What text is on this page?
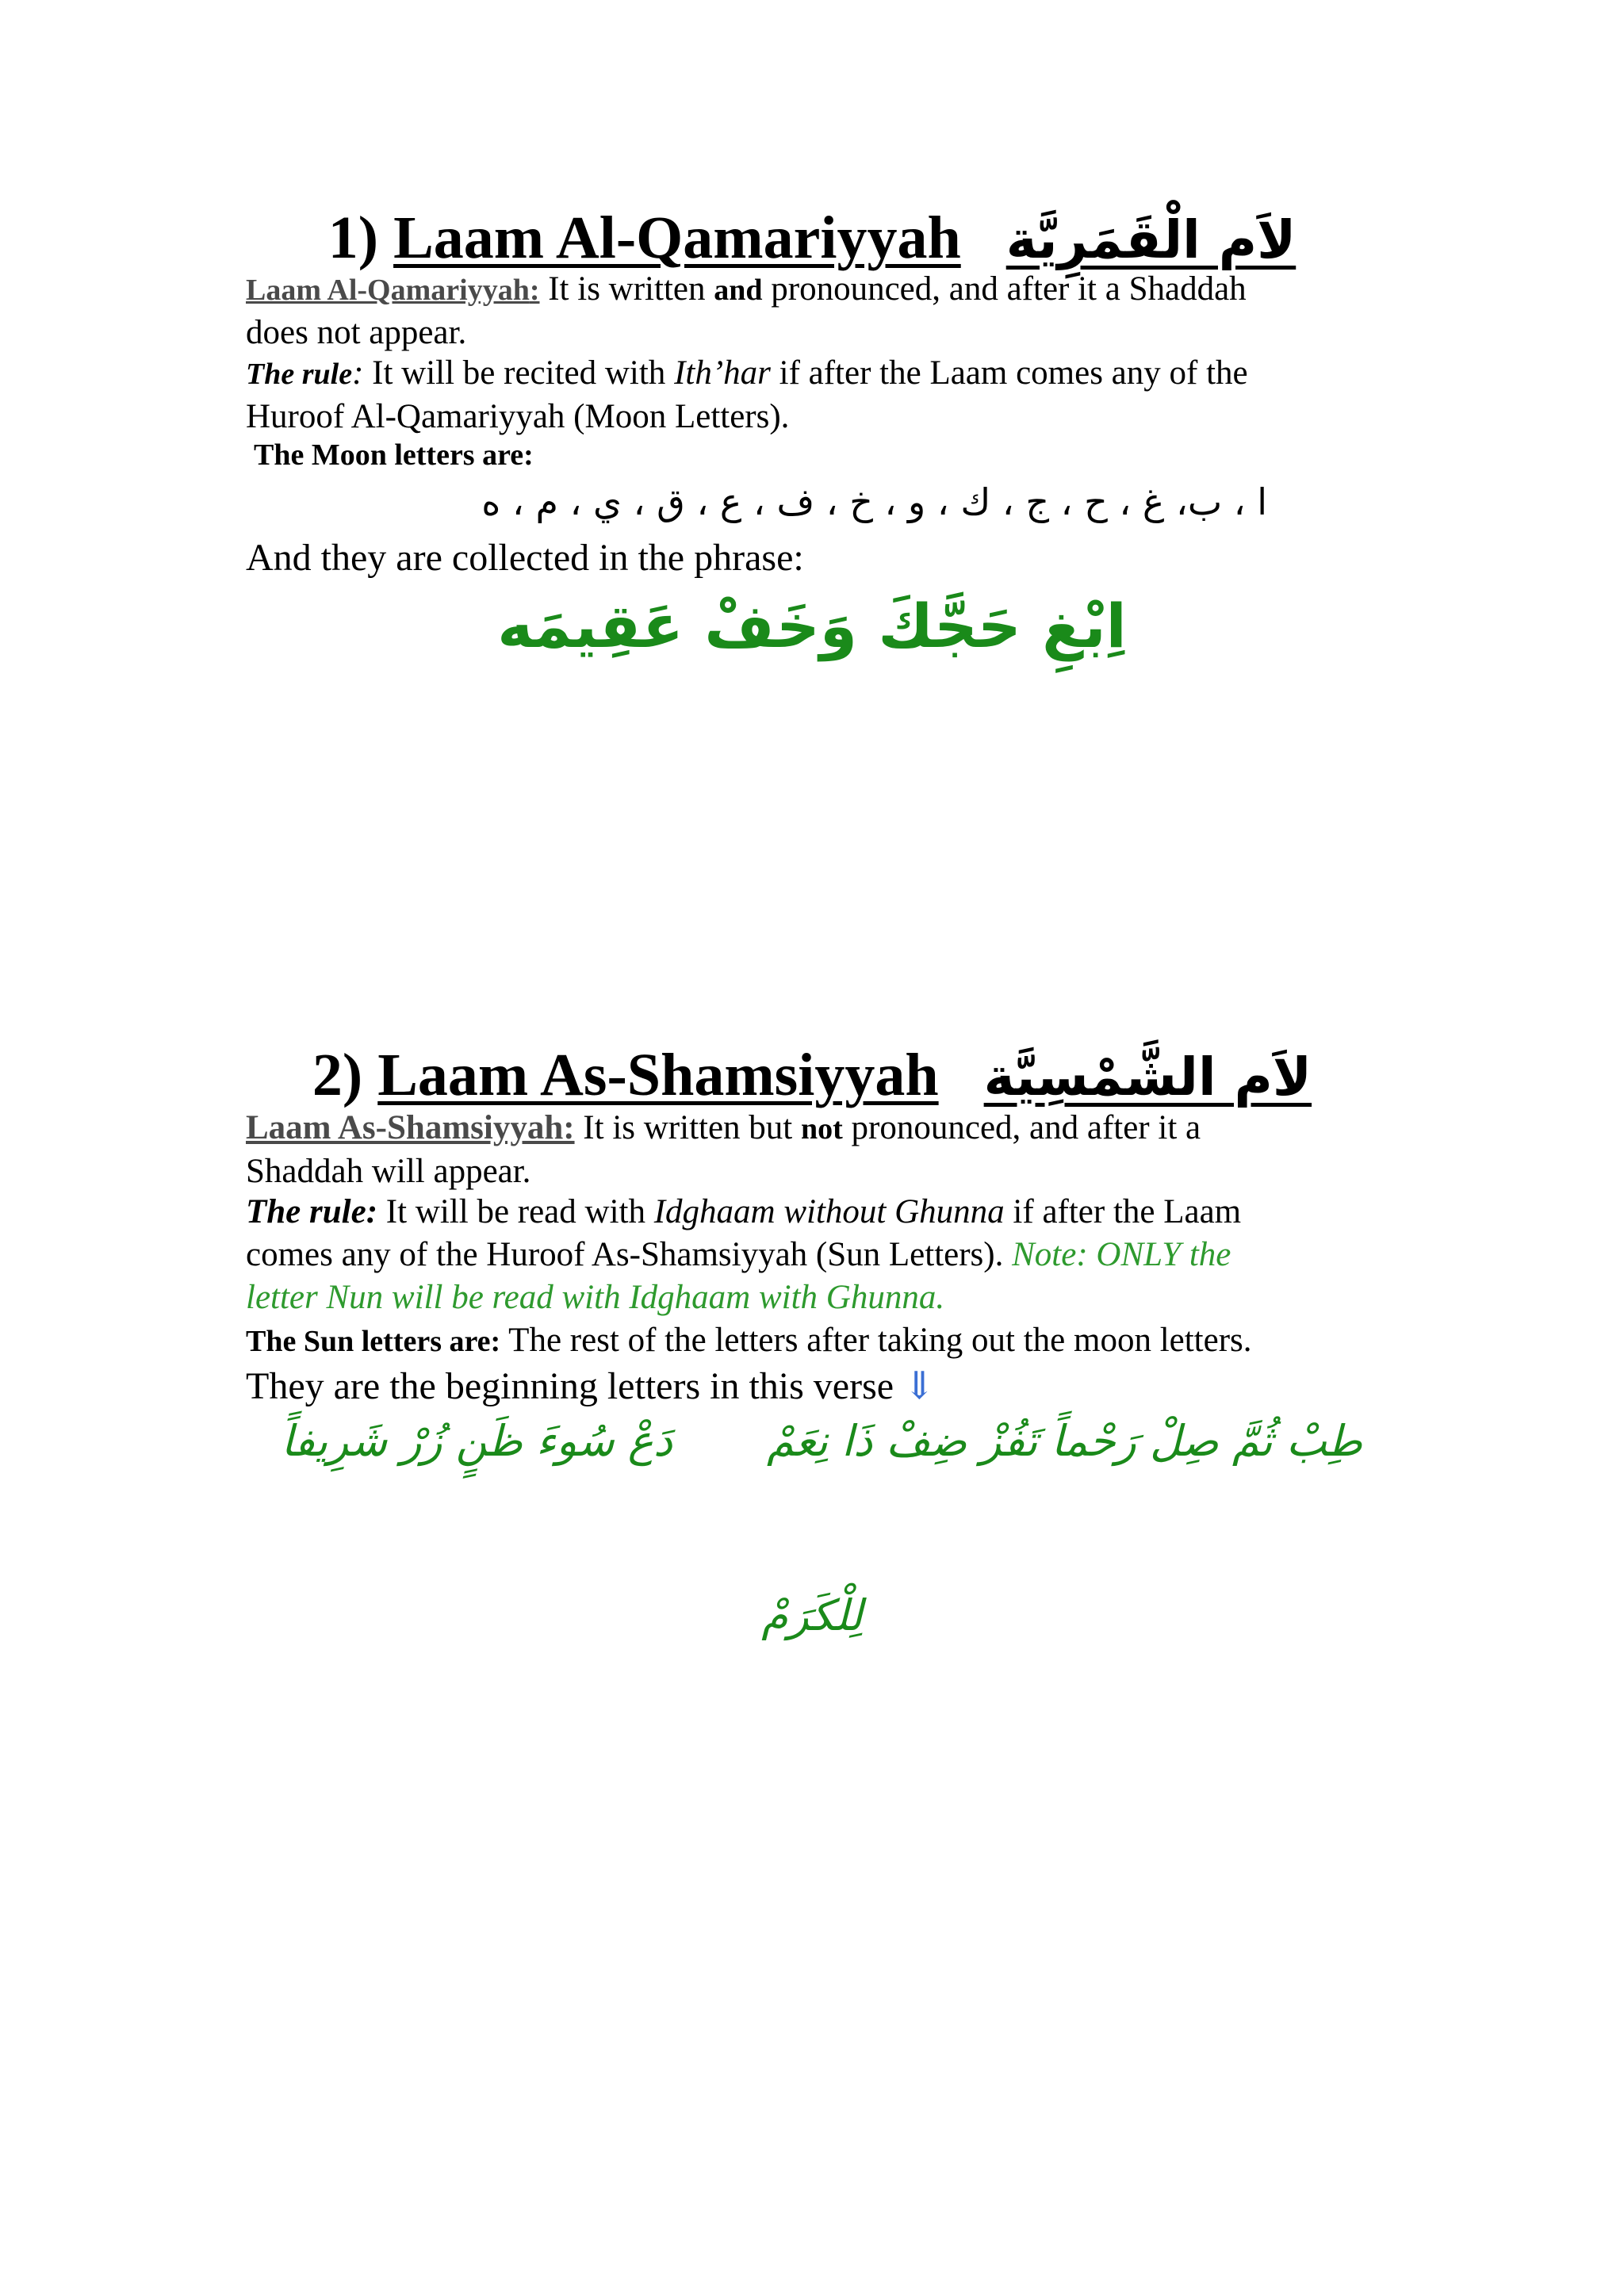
1) Laam Al-Qamariyyah لاَم الْقَمَرِيَّة
Laam Al-Qamariyyah: It is written and pronounced, and after it a Shaddah
does not appear.
The rule: It will be recited with Ith’har if after the Laam comes any of the
Huroof Al-Qamariyyah (Moon Letters).
The Moon letters are:
ا ، ب، غ ، ح ، ج ، ك ، و ، خ ، ف ، ع ، ق ، ي ، م ، ه
And they are collected in the phrase:
اِبْغِ حَجَّكَ وَخَفْ عَقِيمَه
2) Laam As-Shamsiyyah لاَم الشَّمْسِيَّة
Laam As-Shamsiyyah: It is written but not pronounced, and after it a
Shaddah will appear.
The rule: It will be read with Idghaam without Ghunna if after the Laam
comes any of the Huroof As-Shamsiyyah (Sun Letters). Note: ONLY the
letter Nun will be read with Idghaam with Ghunna.
The Sun letters are: The rest of the letters after taking out the moon letters.
They are the beginning letters in this verse ⇓
طِبْ ثُمَّ صِلْ رَحْماً تَفُزْ ضِفْ ذَا نِعَمْ
دَعْ سُوءَ ظَنٍ زُرْ شَرِيفاً
لِلْكَرَمْ
